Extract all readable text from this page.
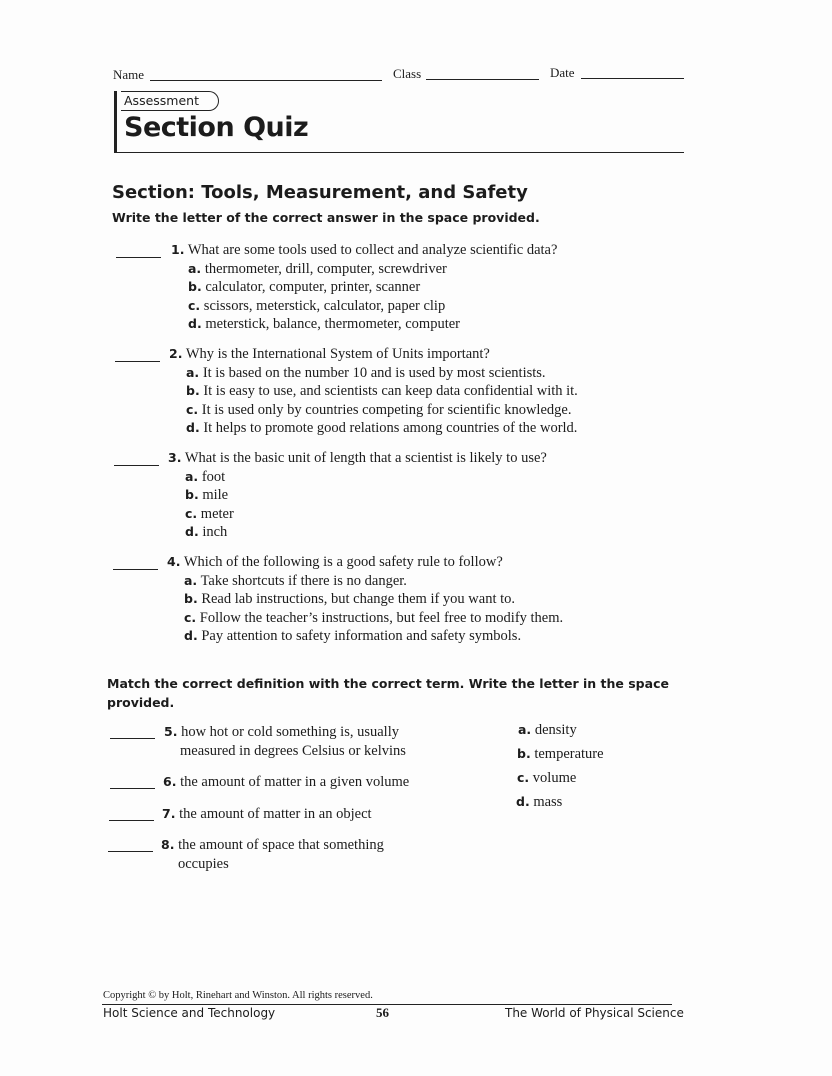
Name	Class	Date
Assessment
Section Quiz
Section: Tools, Measurement, and Safety
Write the letter of the correct answer in the space provided.
1. What are some tools used to collect and analyze scientific data?
a. thermometer, drill, computer, screwdriver
b. calculator, computer, printer, scanner
c. scissors, meterstick, calculator, paper clip
d. meterstick, balance, thermometer, computer
2. Why is the International System of Units important?
a. It is based on the number 10 and is used by most scientists.
b. It is easy to use, and scientists can keep data confidential with it.
c. It is used only by countries competing for scientific knowledge.
d. It helps to promote good relations among countries of the world.
3. What is the basic unit of length that a scientist is likely to use?
a. foot
b. mile
c. meter
d. inch
4. Which of the following is a good safety rule to follow?
a. Take shortcuts if there is no danger.
b. Read lab instructions, but change them if you want to.
c. Follow the teacher’s instructions, but feel free to modify them.
d. Pay attention to safety information and safety symbols.
Match the correct definition with the correct term. Write the letter in the space
provided.
5. how hot or cold something is, usually
measured in degrees Celsius or kelvins
6. the amount of matter in a given volume
7. the amount of matter in an object
8. the amount of space that something
occupies
a. density
b. temperature
c. volume
d. mass
Copyright © by Holt, Rinehart and Winston. All rights reserved.
Holt Science and Technology	56	The World of Physical Science
